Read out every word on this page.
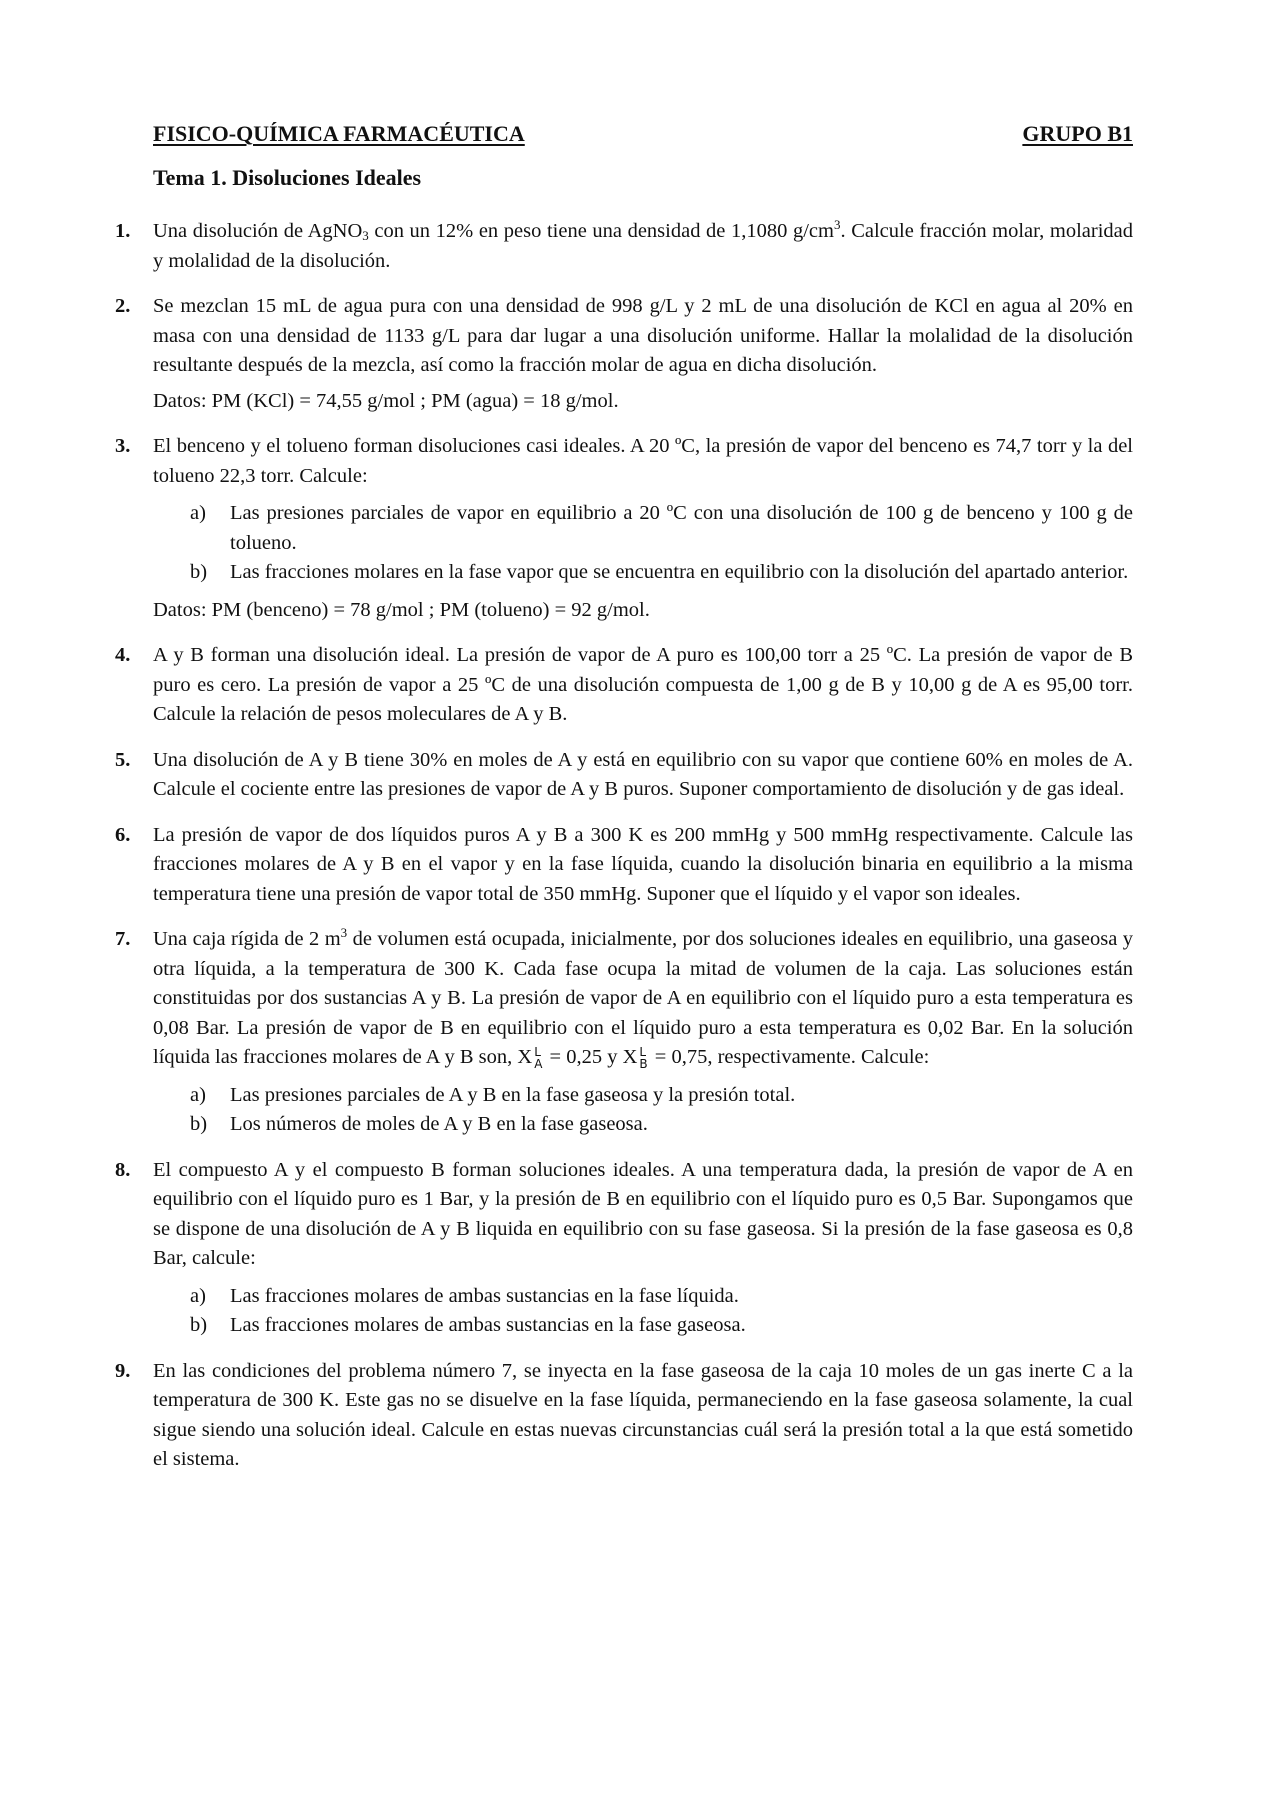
FISICO-QUÍMICA FARMACÉUTICA	GRUPO B1
Tema 1. Disoluciones Ideales
1. Una disolución de AgNO$_3$ con un 12% en peso tiene una densidad de 1,1080 $g/cm^3$. Calcule fracción molar, molaridad y molalidad de la disolución.
2. Se mezclan 15 mL de agua pura con una densidad de 998 g/L y 2 mL de una disolución de KCl en agua al 20% en masa con una densidad de 1133 g/L para dar lugar a una disolución uniforme. Hallar la molalidad de la disolución resultante después de la mezcla, así como la fracción molar de agua en dicha disolución.
Datos: PM (KCl) = 74,55 g/mol ; PM (agua) = 18 g/mol.
3. El benceno y el tolueno forman disoluciones casi ideales. A 20 ºC, la presión de vapor del benceno es 74,7 torr y la del tolueno 22,3 torr. Calcule:
a) Las presiones parciales de vapor en equilibrio a 20 ºC con una disolución de 100 g de benceno y 100 g de tolueno.
b) Las fracciones molares en la fase vapor que se encuentra en equilibrio con la disolución del apartado anterior.
Datos: PM (benceno) = 78 g/mol ; PM (tolueno) = 92 g/mol.
4. A y B forman una disolución ideal. La presión de vapor de A puro es 100,00 torr a 25 ºC. La presión de vapor de B puro es cero. La presión de vapor a 25 ºC de una disolución compuesta de 1,00 g de B y 10,00 g de A es 95,00 torr. Calcule la relación de pesos moleculares de A y B.
5. Una disolución de A y B tiene 30% en moles de A y está en equilibrio con su vapor que contiene 60% en moles de A. Calcule el cociente entre las presiones de vapor de A y B puros. Suponer comportamiento de disolución y de gas ideal.
6. La presión de vapor de dos líquidos puros A y B a 300 K es 200 mmHg y 500 mmHg respectivamente. Calcule las fracciones molares de A y B en el vapor y en la fase líquida, cuando la disolución binaria en equilibrio a la misma temperatura tiene una presión de vapor total de 350 mmHg. Suponer que el líquido y el vapor son ideales.
7. Una caja rígida de 2 $m^3$ de volumen está ocupada, inicialmente, por dos soluciones ideales en equilibrio, una gaseosa y otra líquida, a la temperatura de 300 K. Cada fase ocupa la mitad de volumen de la caja. Las soluciones están constituidas por dos sustancias A y B. La presión de vapor de A en equilibrio con el líquido puro a esta temperatura es 0,08 Bar. La presión de vapor de B en equilibrio con el líquido puro a esta temperatura es 0,02 Bar. En la solución líquida las fracciones molares de A y B son, X L
A = 0,25 y X L
B = 0,75, respectivamente. Calcule:
a) Las presiones parciales de A y B en la fase gaseosa y la presión total.
b) Los números de moles de A y B en la fase gaseosa.
8. El compuesto A y el compuesto B forman soluciones ideales. A una temperatura dada, la presión de vapor de A en equilibrio con el líquido puro es 1 Bar, y la presión de B en equilibrio con el líquido puro es 0,5 Bar. Supongamos que se dispone de una disolución de A y B liquida en equilibrio con su fase gaseosa. Si la presión de la fase gaseosa es 0,8 Bar, calcule:
a) Las fracciones molares de ambas sustancias en la fase líquida.
b) Las fracciones molares de ambas sustancias en la fase gaseosa.
9. En las condiciones del problema número 7, se inyecta en la fase gaseosa de la caja 10 moles de un gas inerte C a la temperatura de 300 K. Este gas no se disuelve en la fase líquida, permaneciendo en la fase gaseosa solamente, la cual sigue siendo una solución ideal. Calcule en estas nuevas circunstancias cuál será la presión total a la que está sometido el sistema.
